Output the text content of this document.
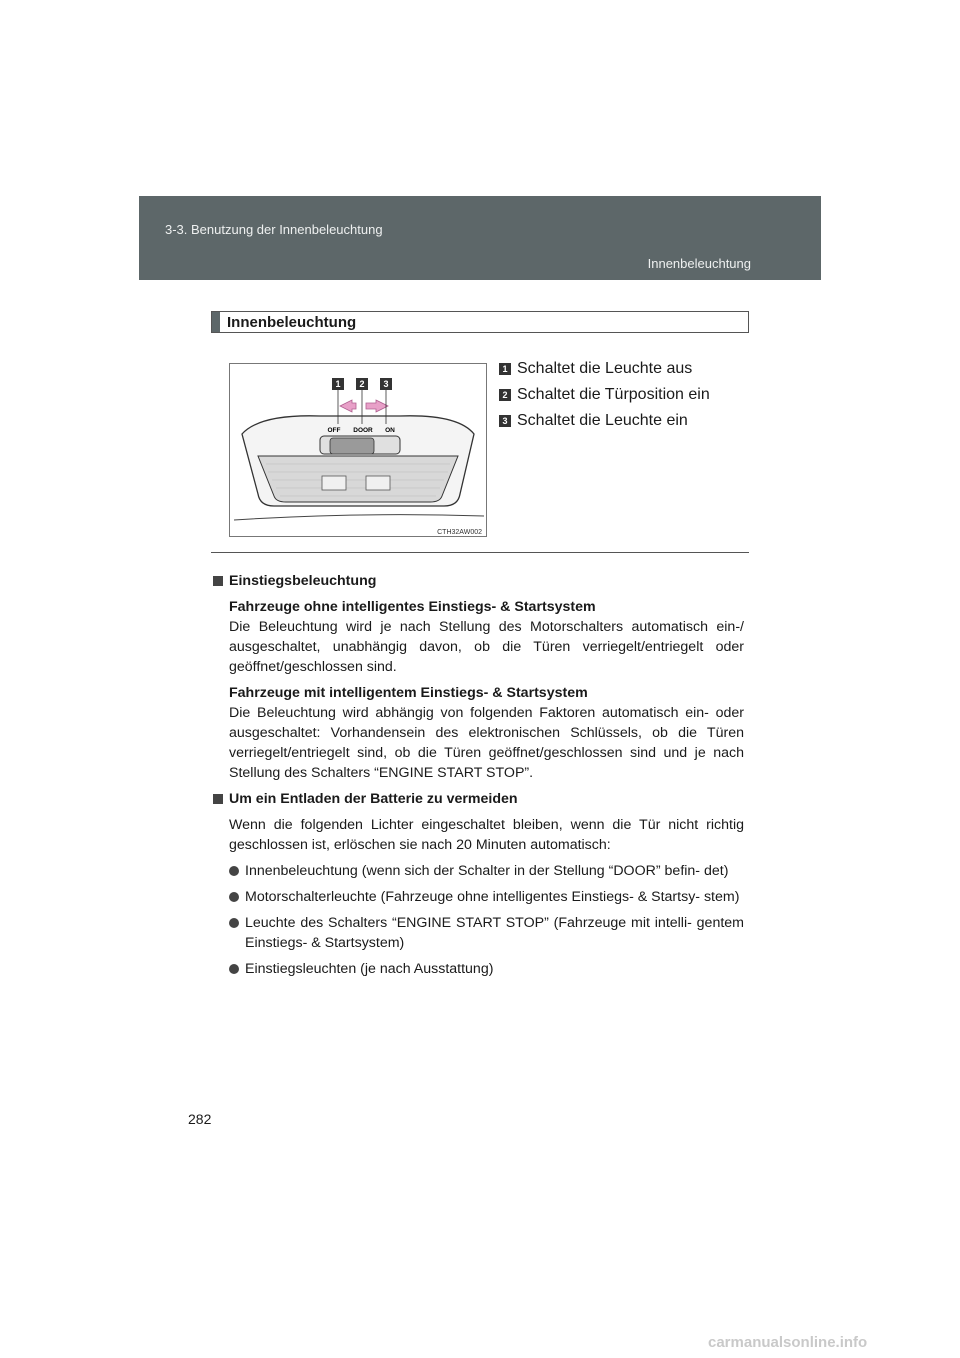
3-3. Benutzung der Innenbeleuchtung
Innenbeleuchtung
Innenbeleuchtung
1 2 3
OFF DOOR ON
CTH32AW002
1 Schaltet die Leuchte aus
2 Schaltet die Türposition ein
3 Schaltet die Leuchte ein
Einstiegsbeleuchtung

Fahrzeuge ohne intelligentes Einstiegs- & Startsystem

Die Beleuchtung wird je nach Stellung des Motorschalters automatisch ein-/ ausgeschaltet, unabhängig davon, ob die Türen verriegelt/entriegelt oder geöffnet/geschlossen sind.

Fahrzeuge mit intelligentem Einstiegs- & Startsystem

Die Beleuchtung wird abhängig von folgenden Faktoren automatisch ein- oder ausgeschaltet: Vorhandensein des elektronischen Schlüssels, ob die Türen verriegelt/entriegelt sind, ob die Türen geöffnet/geschlossen sind und je nach Stellung des Schalters “ENGINE START STOP”.

Um ein Entladen der Batterie zu vermeiden

Wenn die folgenden Lichter eingeschaltet bleiben, wenn die Tür nicht richtig geschlossen ist, erlöschen sie nach 20 Minuten automatisch:

Innenbeleuchtung (wenn sich der Schalter in der Stellung “DOOR” befin- det)
Motorschalterleuchte (Fahrzeuge ohne intelligentes Einstiegs- & Startsy- stem)
Leuchte des Schalters “ENGINE START STOP” (Fahrzeuge mit intelli- gentem Einstiegs- & Startsystem)
Einstiegsleuchten (je nach Ausstattung)
282
carmanualsonline.info
